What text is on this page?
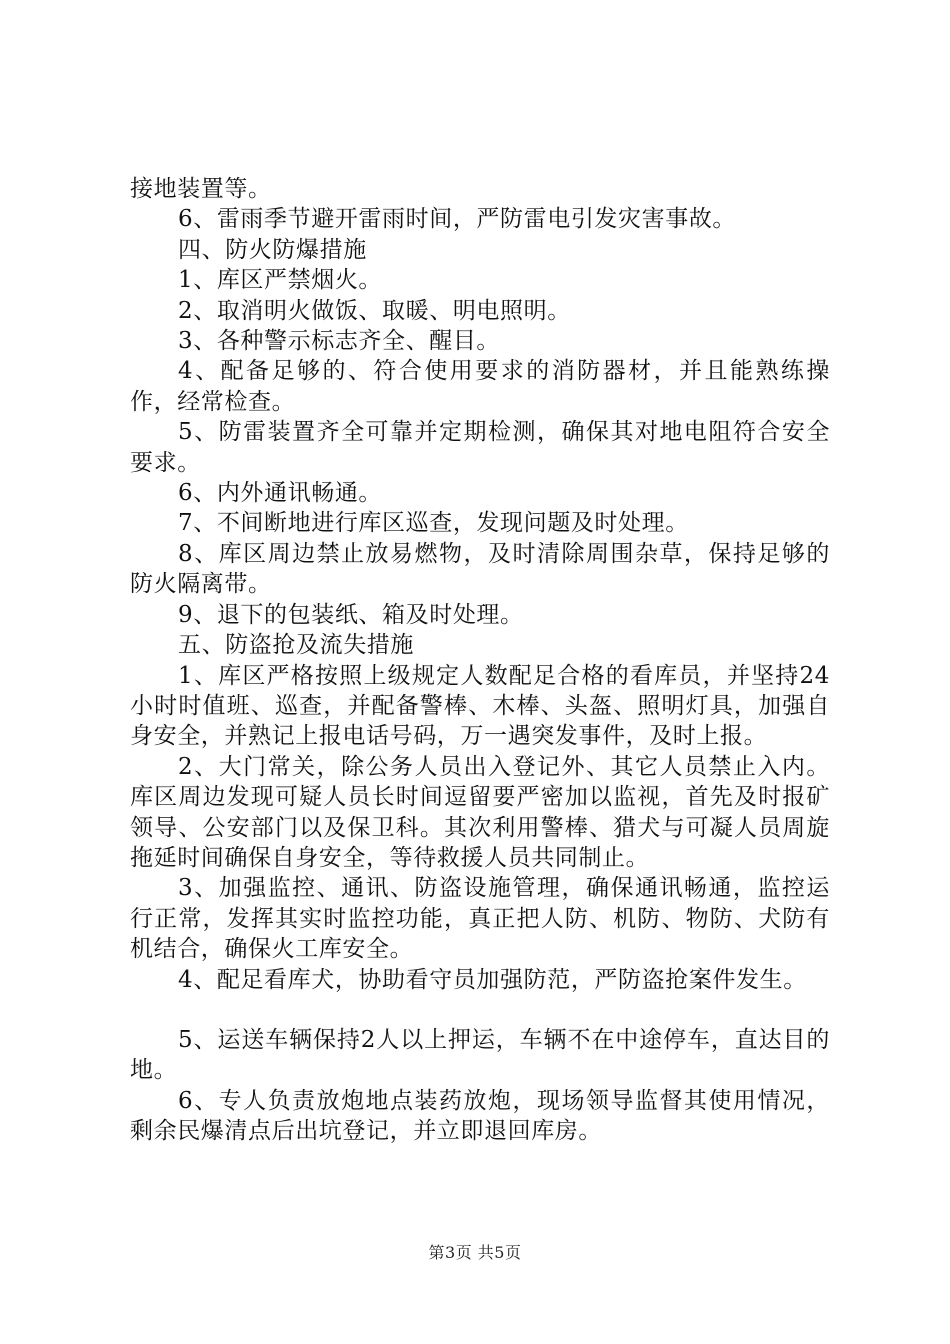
接地装置等。

6、雷雨季节避开雷雨时间，严防雷电引发灾害事故。

四、防火防爆措施

1、库区严禁烟火。

2、取消明火做饭、取暖、明电照明。

3、各种警示标志齐全、醒目。

4、配备足够的、符合使用要求的消防器材，并且能熟练操作，经常检查。

5、防雷装置齐全可靠并定期检测，确保其对地电阻符合安全要求。

6、内外通讯畅通。

7、不间断地进行库区巡查，发现问题及时处理。

8、库区周边禁止放易燃物，及时清除周围杂草，保持足够的防火隔离带。

9、退下的包装纸、箱及时处理。

五、防盗抢及流失措施

1、库区严格按照上级规定人数配足合格的看库员，并坚持24小时时值班、巡查，并配备警棒、木棒、头盔、照明灯具，加强自身安全，并熟记上报电话号码，万一遇突发事件，及时上报。

2、大门常关，除公务人员出入登记外、其它人员禁止入内。库区周边发现可疑人员长时间逗留要严密加以监视，首先及时报矿领导、公安部门以及保卫科。其次利用警棒、猎犬与可凝人员周旋拖延时间确保自身安全，等待救援人员共同制止。

3、加强监控、通讯、防盗设施管理，确保通讯畅通，监控运行正常，发挥其实时监控功能，真正把人防、机防、物防、犬防有机结合，确保火工库安全。

4、配足看库犬，协助看守员加强防范，严防盗抢案件发生。

5、运送车辆保持2人以上押运，车辆不在中途停车，直达目的地。

6、专人负责放炮地点装药放炮，现场领导监督其使用情况，剩余民爆清点后出坑登记，并立即退回库房。

第3页 共5页
